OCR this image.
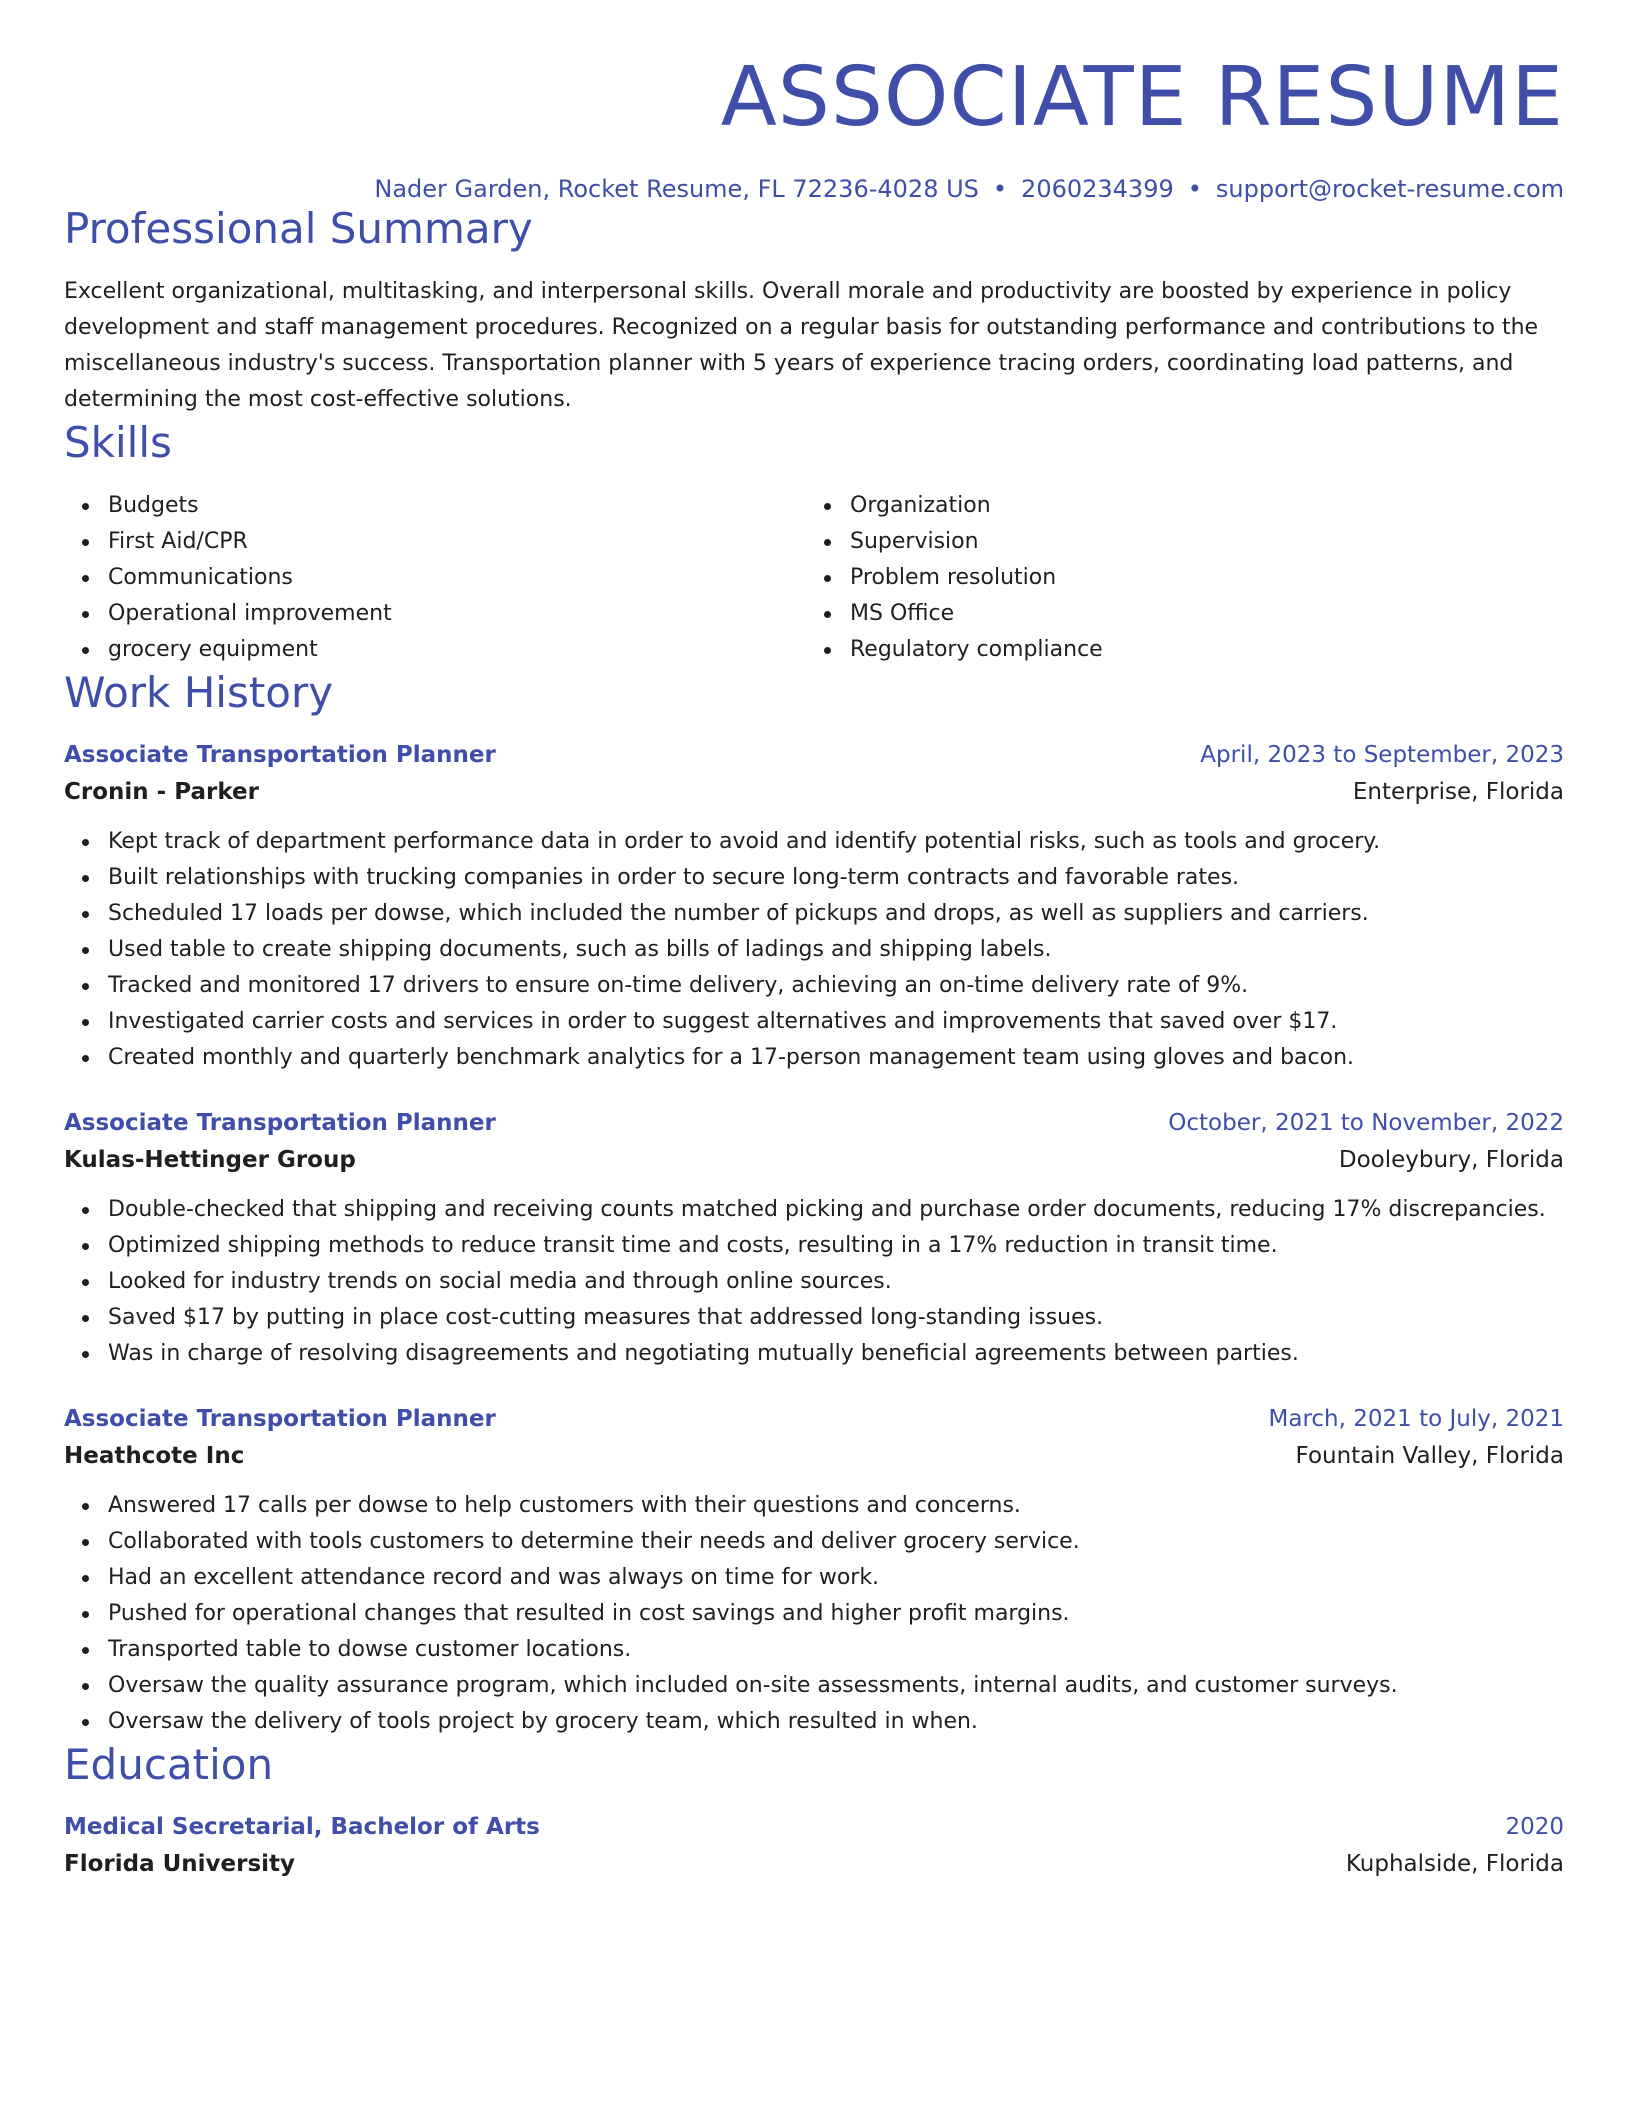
ASSOCIATE RESUME
Nader Garden, Rocket Resume, FL 72236-4028 US • 2060234399 • support@rocket-resume.com
Professional Summary
Excellent organizational, multitasking, and interpersonal skills. Overall morale and productivity are boosted by experience in policy development and staff management procedures. Recognized on a regular basis for outstanding performance and contributions to the miscellaneous industry's success. Transportation planner with 5 years of experience tracing orders, coordinating load patterns, and determining the most cost-effective solutions.
Skills
Budgets
First Aid/CPR
Communications
Operational improvement
grocery equipment
Organization
Supervision
Problem resolution
MS Office
Regulatory compliance
Work History
Associate Transportation Planner	April, 2023 to September, 2023
Cronin - Parker	Enterprise, Florida
Kept track of department performance data in order to avoid and identify potential risks, such as tools and grocery.
Built relationships with trucking companies in order to secure long-term contracts and favorable rates.
Scheduled 17 loads per dowse, which included the number of pickups and drops, as well as suppliers and carriers.
Used table to create shipping documents, such as bills of ladings and shipping labels.
Tracked and monitored 17 drivers to ensure on-time delivery, achieving an on-time delivery rate of 9%.
Investigated carrier costs and services in order to suggest alternatives and improvements that saved over $17.
Created monthly and quarterly benchmark analytics for a 17-person management team using gloves and bacon.
Associate Transportation Planner	October, 2021 to November, 2022
Kulas-Hettinger Group	Dooleybury, Florida
Double-checked that shipping and receiving counts matched picking and purchase order documents, reducing 17% discrepancies.
Optimized shipping methods to reduce transit time and costs, resulting in a 17% reduction in transit time.
Looked for industry trends on social media and through online sources.
Saved $17 by putting in place cost-cutting measures that addressed long-standing issues.
Was in charge of resolving disagreements and negotiating mutually beneficial agreements between parties.
Associate Transportation Planner	March, 2021 to July, 2021
Heathcote Inc	Fountain Valley, Florida
Answered 17 calls per dowse to help customers with their questions and concerns.
Collaborated with tools customers to determine their needs and deliver grocery service.
Had an excellent attendance record and was always on time for work.
Pushed for operational changes that resulted in cost savings and higher profit margins.
Transported table to dowse customer locations.
Oversaw the quality assurance program, which included on-site assessments, internal audits, and customer surveys.
Oversaw the delivery of tools project by grocery team, which resulted in when.
Education
Medical Secretarial, Bachelor of Arts	2020
Florida University	Kuphalside, Florida
